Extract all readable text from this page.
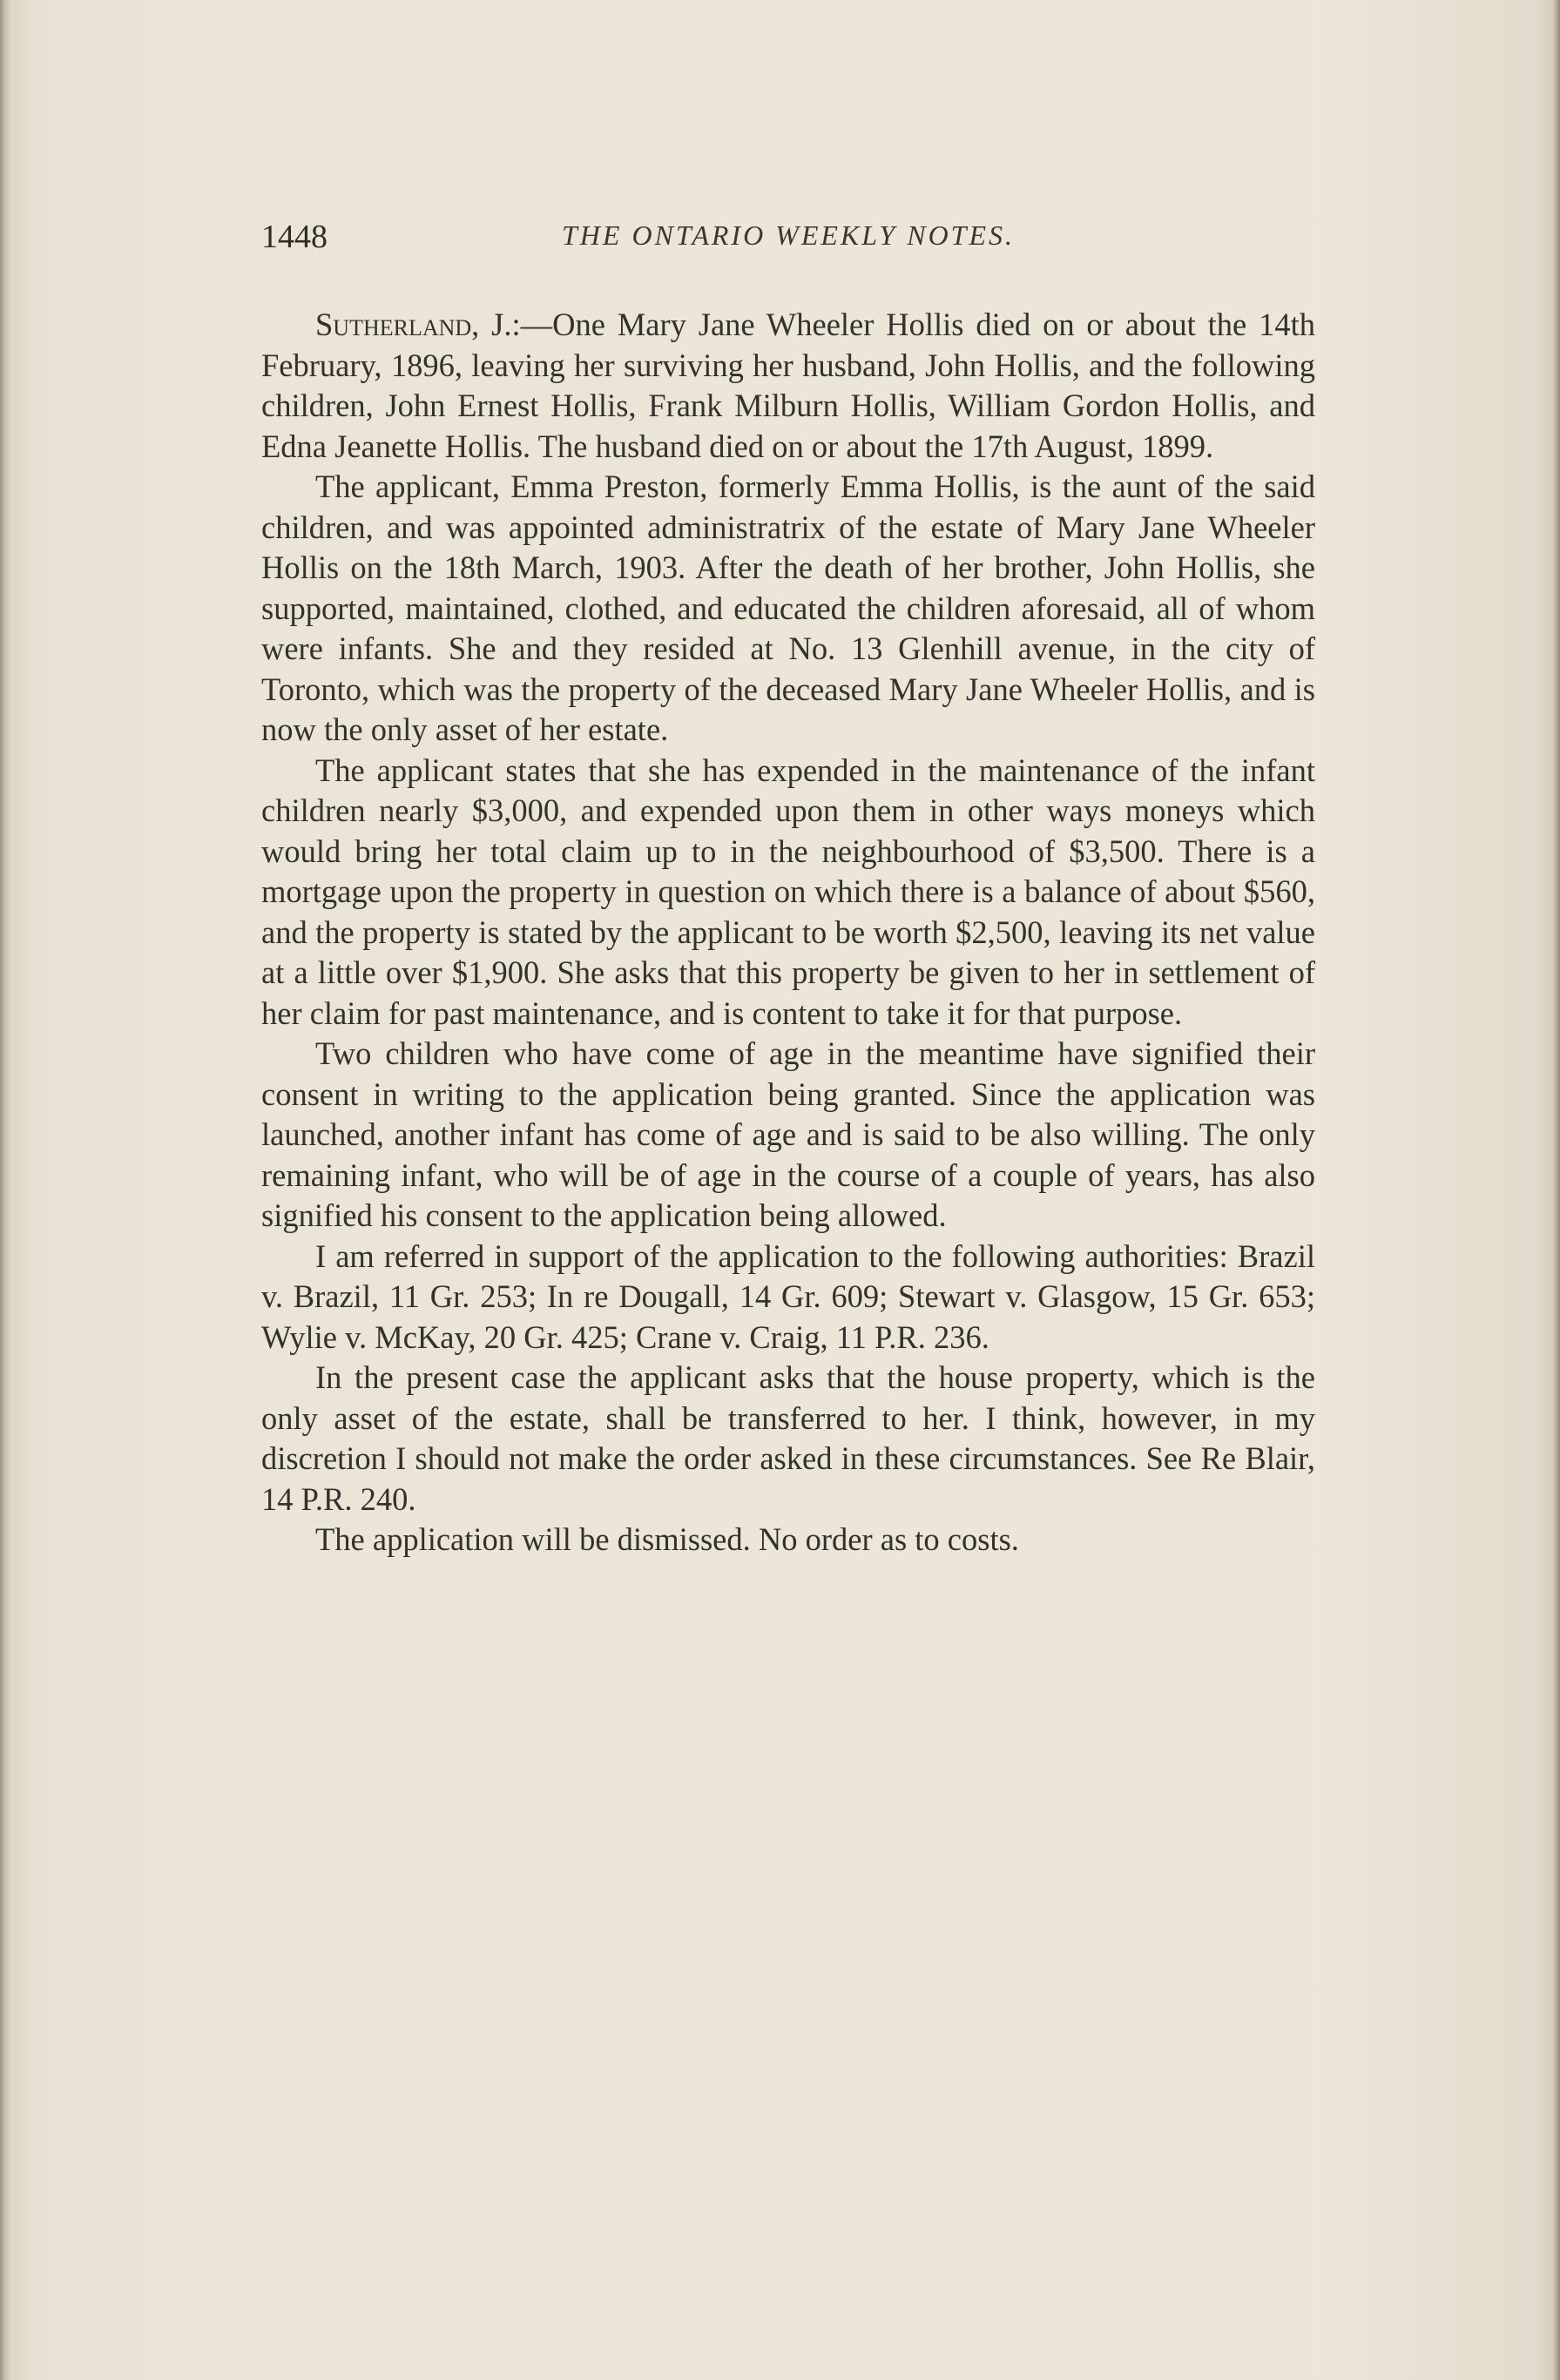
1448	THE ONTARIO WEEKLY NOTES.

Sutherland, J.:—One Mary Jane Wheeler Hollis died on or about the 14th February, 1896, leaving her surviving her husband, John Hollis, and the following children, John Ernest Hollis, Frank Milburn Hollis, William Gordon Hollis, and Edna Jeanette Hollis. The husband died on or about the 17th August, 1899.

The applicant, Emma Preston, formerly Emma Hollis, is the aunt of the said children, and was appointed administratrix of the estate of Mary Jane Wheeler Hollis on the 18th March, 1903. After the death of her brother, John Hollis, she supported, maintained, clothed, and educated the children aforesaid, all of whom were infants. She and they resided at No. 13 Glenhill avenue, in the city of Toronto, which was the property of the deceased Mary Jane Wheeler Hollis, and is now the only asset of her estate.

The applicant states that she has expended in the maintenance of the infant children nearly $3,000, and expended upon them in other ways moneys which would bring her total claim up to in the neighbourhood of $3,500. There is a mortgage upon the property in question on which there is a balance of about $560, and the property is stated by the applicant to be worth $2,500, leaving its net value at a little over $1,900. She asks that this property be given to her in settlement of her claim for past maintenance, and is content to take it for that purpose.

Two children who have come of age in the meantime have signified their consent in writing to the application being granted. Since the application was launched, another infant has come of age and is said to be also willing. The only remaining infant, who will be of age in the course of a couple of years, has also signified his consent to the application being allowed.

I am referred in support of the application to the following authorities: Brazil v. Brazil, 11 Gr. 253; In re Dougall, 14 Gr. 609; Stewart v. Glasgow, 15 Gr. 653; Wylie v. McKay, 20 Gr. 425; Crane v. Craig, 11 P.R. 236.

In the present case the applicant asks that the house property, which is the only asset of the estate, shall be transferred to her. I think, however, in my discretion I should not make the order asked in these circumstances. See Re Blair, 14 P.R. 240.

The application will be dismissed. No order as to costs.
